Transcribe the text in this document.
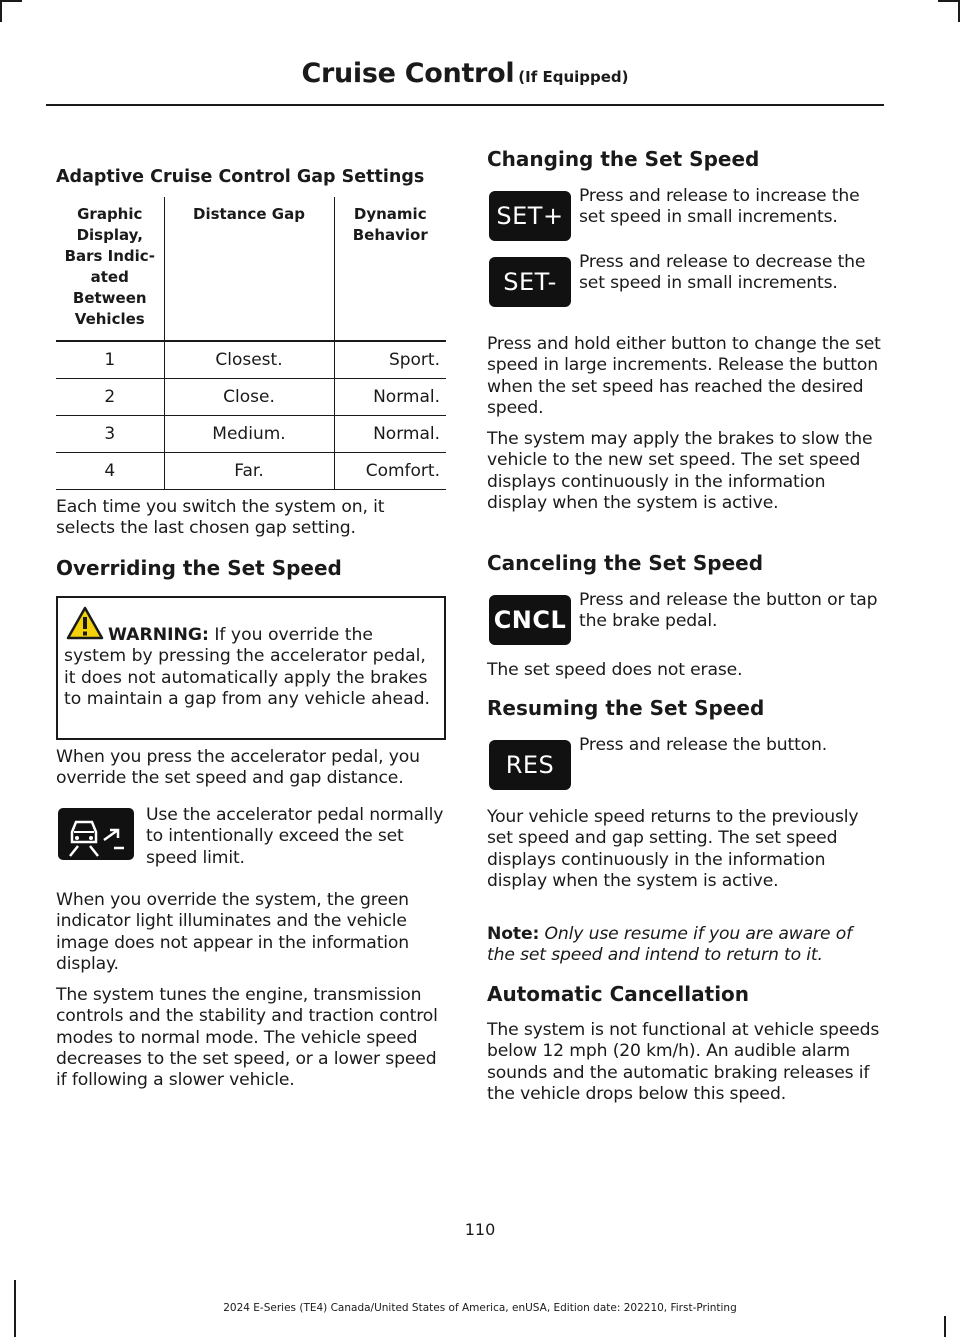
Cruise Control (If Equipped)
Adaptive Cruise Control Gap Settings
Graphic Display, Bars Indic-ated Between Vehicles	Distance Gap	Dynamic Behavior
1	Closest.	Sport.
2	Close.	Normal.
3	Medium.	Normal.
4	Far.	Comfort.
Each time you switch the system on, it selects the last chosen gap setting.
Overriding the Set Speed
WARNING: If you override the system by pressing the accelerator pedal, it does not automatically apply the brakes to maintain a gap from any vehicle ahead.
When you press the accelerator pedal, you override the set speed and gap distance.
Use the accelerator pedal normally to intentionally exceed the set speed limit.
When you override the system, the green indicator light illuminates and the vehicle image does not appear in the information display.
The system tunes the engine, transmission controls and the stability and traction control modes to normal mode. The vehicle speed decreases to the set speed, or a lower speed if following a slower vehicle.
Changing the Set Speed
SET+
Press and release to increase the set speed in small increments.
SET-
Press and release to decrease the set speed in small increments.
Press and hold either button to change the set speed in large increments. Release the button when the set speed has reached the desired speed.
The system may apply the brakes to slow the vehicle to the new set speed. The set speed displays continuously in the information display when the system is active.
Canceling the Set Speed
CNCL
Press and release the button or tap the brake pedal.
The set speed does not erase.
Resuming the Set Speed
RES
Press and release the button.
Your vehicle speed returns to the previously set speed and gap setting. The set speed displays continuously in the information display when the system is active.
Note: Only use resume if you are aware of the set speed and intend to return to it.
Automatic Cancellation
The system is not functional at vehicle speeds below 12 mph (20 km/h). An audible alarm sounds and the automatic braking releases if the vehicle drops below this speed.
110
2024 E-Series (TE4) Canada/United States of America, enUSA, Edition date: 202210, First-Printing
